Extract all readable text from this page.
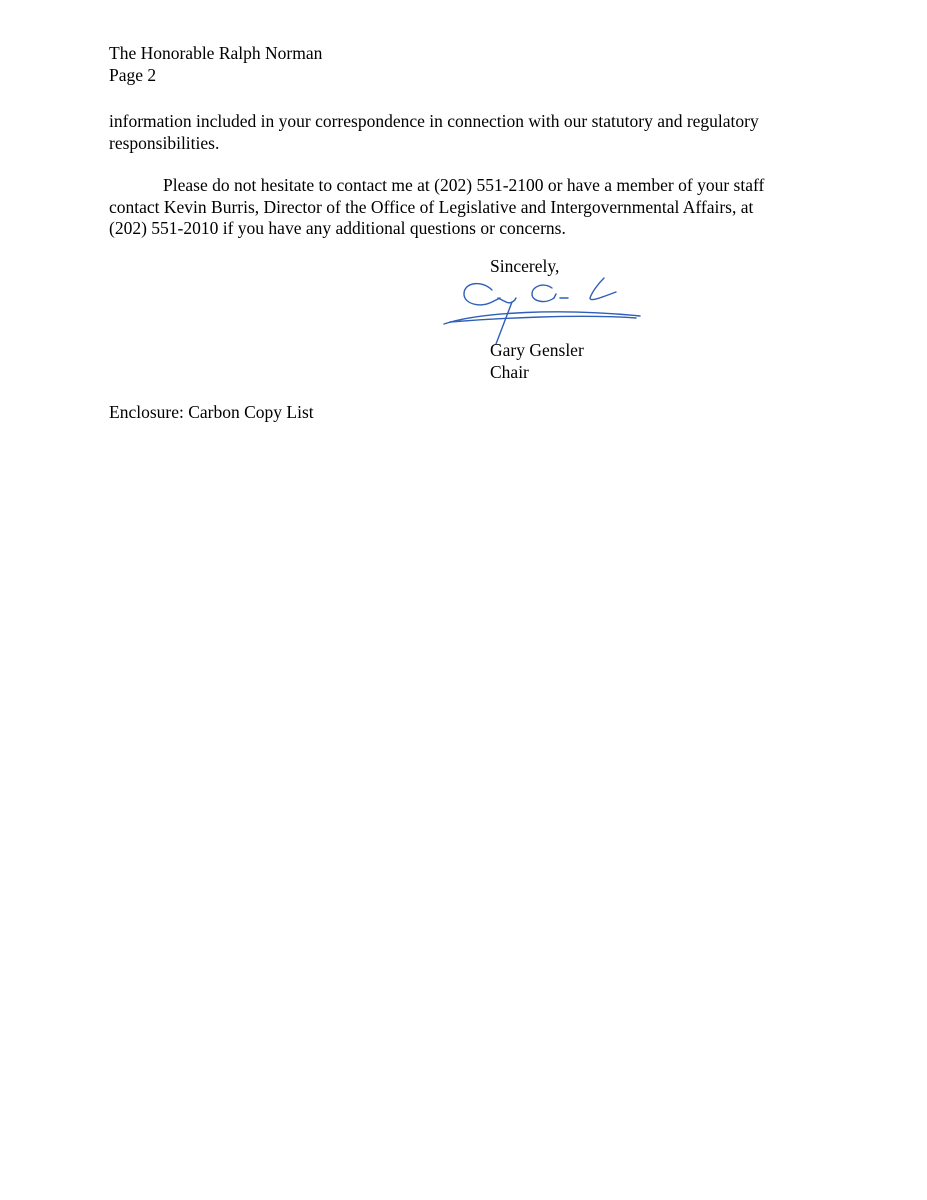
The Honorable Ralph Norman
Page 2
information included in your correspondence in connection with our statutory and regulatory
responsibilities.
Please do not hesitate to contact me at (202) 551-2100 or have a member of your staff
contact Kevin Burris, Director of the Office of Legislative and Intergovernmental Affairs, at
(202) 551-2010 if you have any additional questions or concerns.
Sincerely,
Gary Gensler
Chair
Enclosure: Carbon Copy List
